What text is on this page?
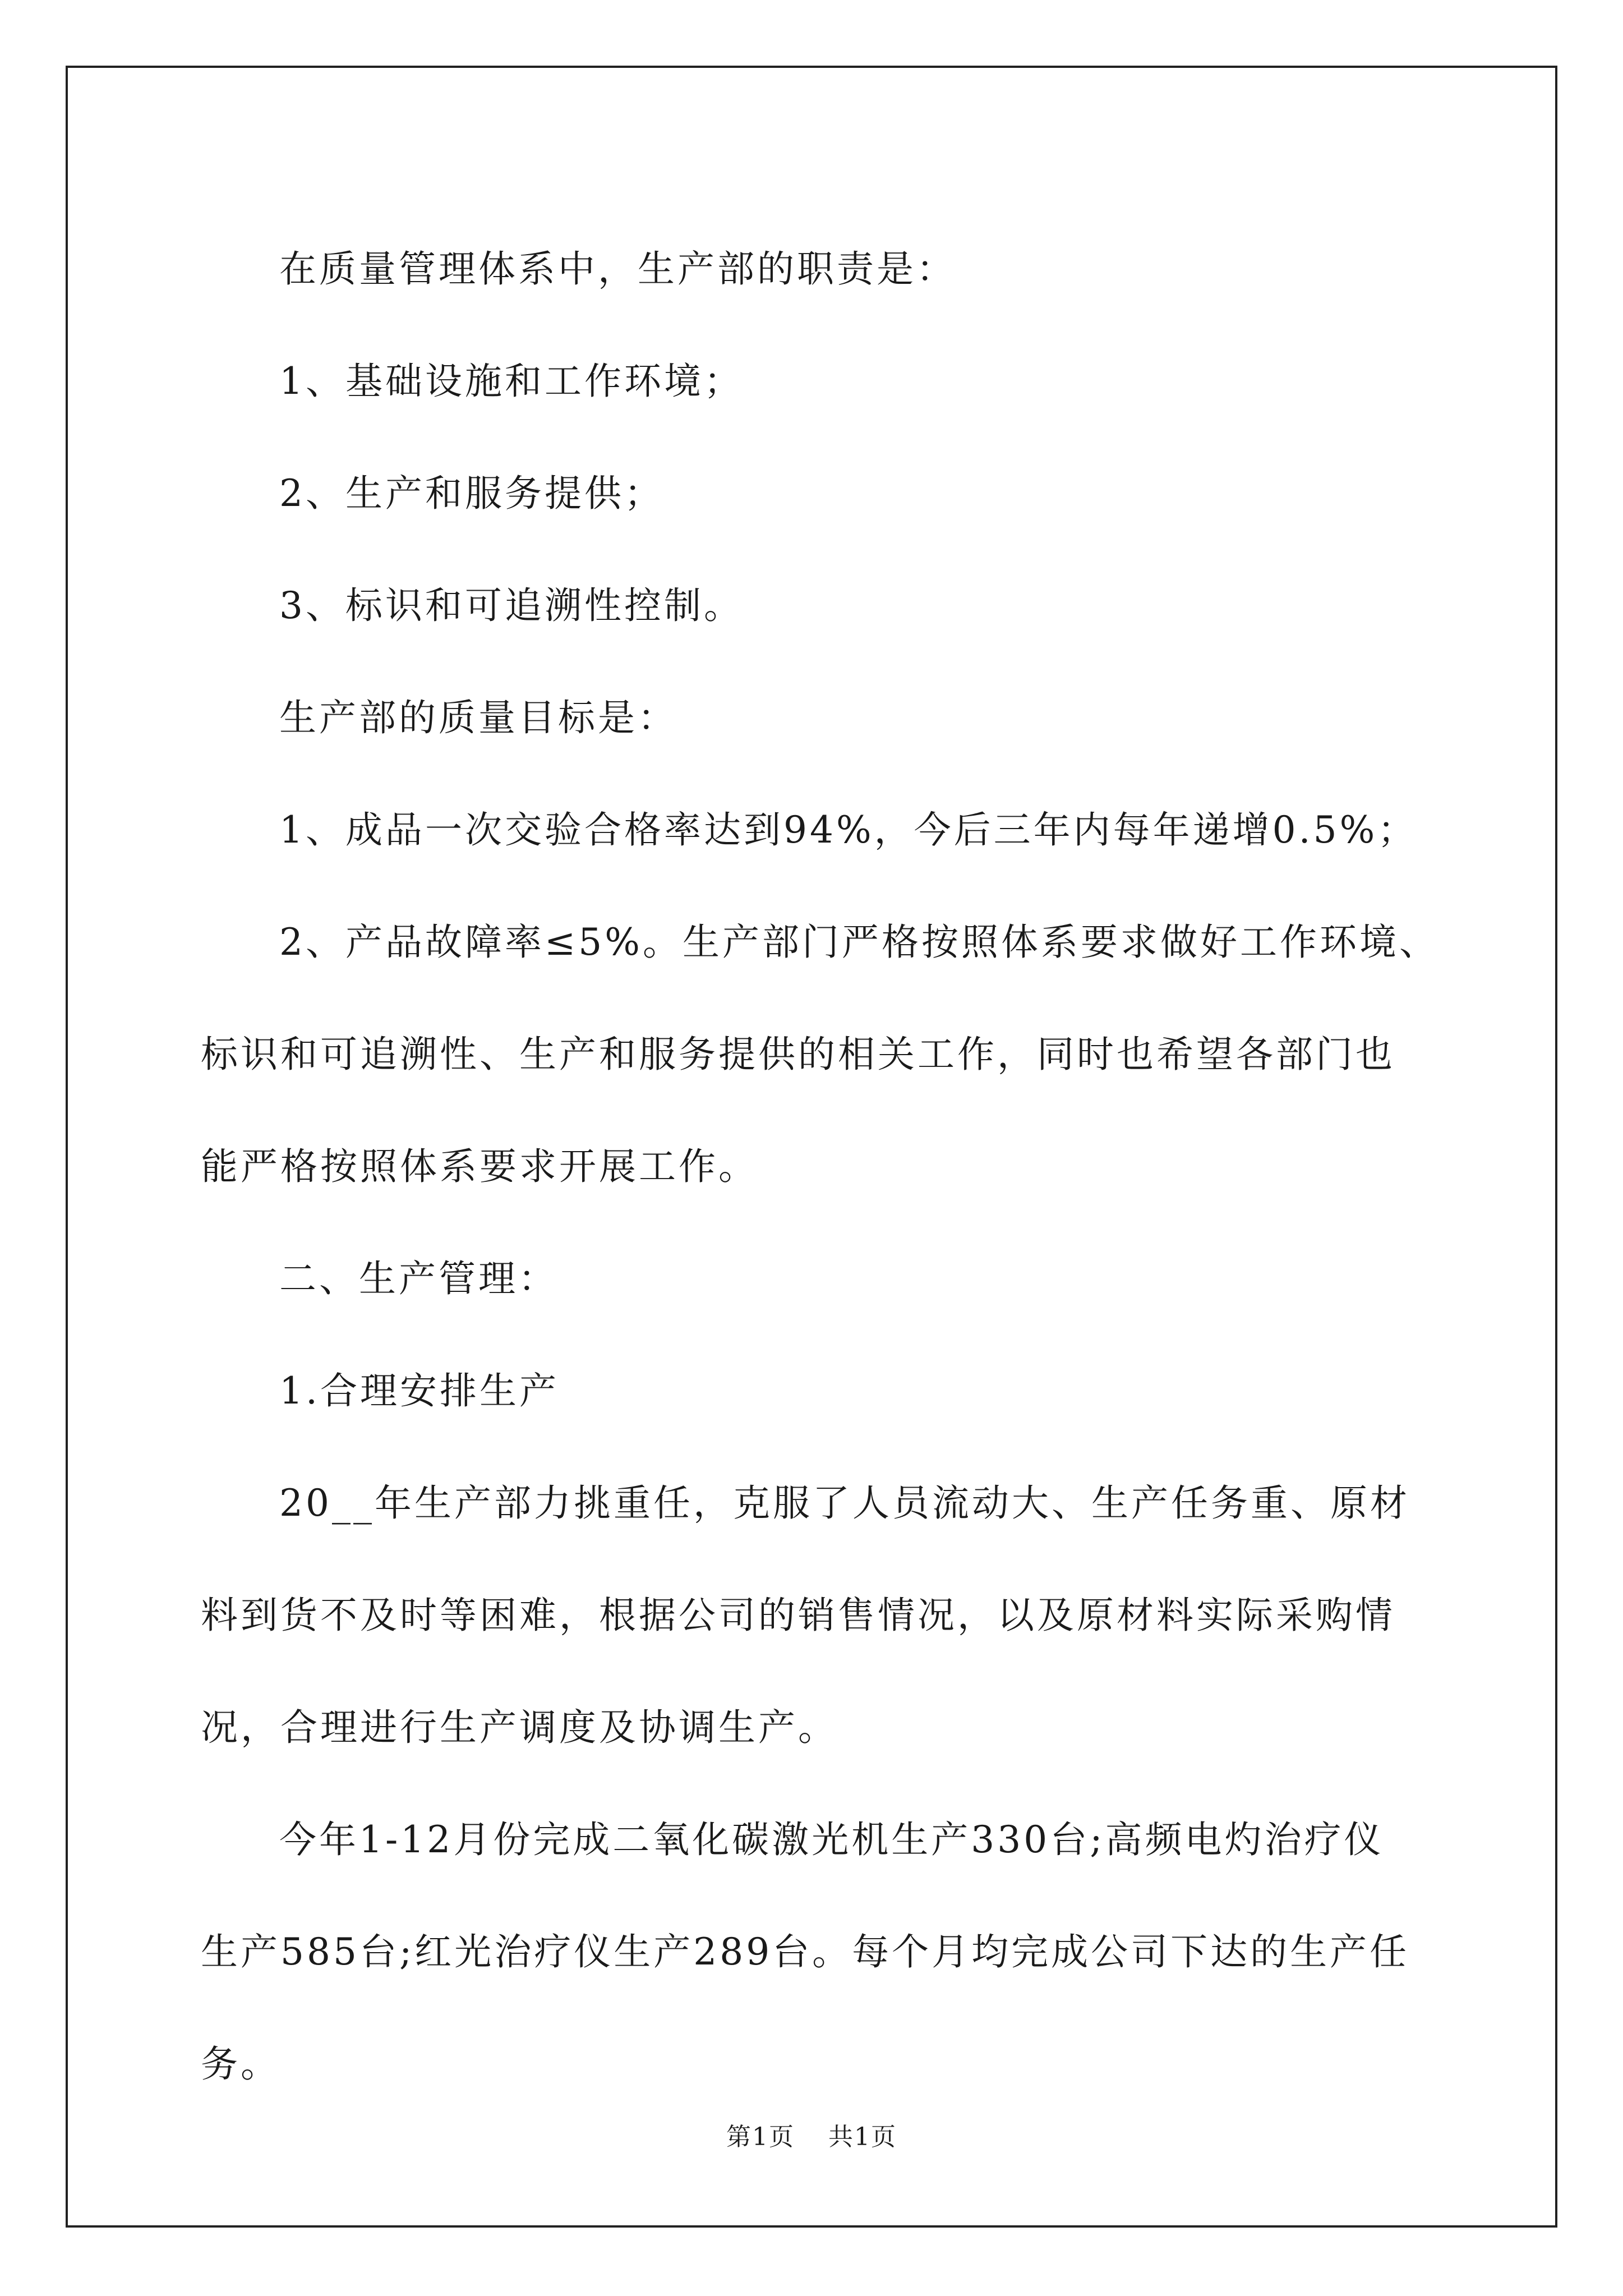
在质量管理体系中，生产部的职责是：

1、基础设施和工作环境；

2、生产和服务提供；

3、标识和可追溯性控制。

生产部的质量目标是：

1、成品一次交验合格率达到94%，今后三年内每年递增0.5%；

2、产品故障率≤5%。生产部门严格按照体系要求做好工作环境、

标识和可追溯性、生产和服务提供的相关工作，同时也希望各部门也

能严格按照体系要求开展工作。

二、生产管理：

1.合理安排生产

20__年生产部力挑重任，克服了人员流动大、生产任务重、原材

料到货不及时等困难，根据公司的销售情况，以及原材料实际采购情

况，合理进行生产调度及协调生产。

今年1-12月份完成二氧化碳激光机生产330台;高频电灼治疗仪

生产585台;红光治疗仪生产289台。每个月均完成公司下达的生产任

务。

第1页 共1页
